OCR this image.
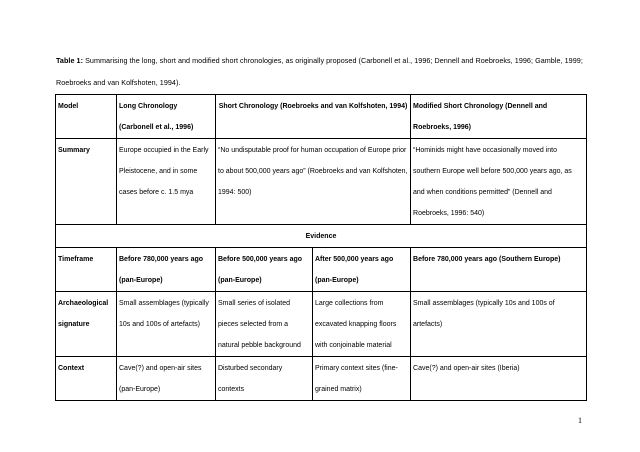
Table 1: Summarising the long, short and modified short chronologies, as originally proposed (Carbonell et al., 1996; Dennell and Roebroeks, 1996; Gamble, 1999; Roebroeks and van Kolfshoten, 1994).
Model	Long Chronology (Carbonell et al., 1996)	Short Chronology (Roebroeks and van Kolfshoten, 1994)		Modified Short Chronology (Dennell and Roebroeks, 1996)
Summary	Europe occupied in the Early Pleistocene, and in some cases before c. 1.5 mya	“No undisputable proof for human occupation of Europe prior to about 500,000 years ago” (Roebroeks and van Kolfshoten, 1994: 500)		“Hominids might have occasionally moved into southern Europe well before 500,000 years ago, as and when conditions permitted” (Dennell and Roebroeks, 1996: 540)
Evidence				
Timeframe	Before 780,000 years ago (pan-Europe)	Before 500,000 years ago (pan-Europe)	After 500,000 years ago (pan-Europe)	Before 780,000 years ago (Southern Europe)
Archaeological signature	Small assemblages (typically 10s and 100s of artefacts)	Small series of isolated pieces selected from a natural pebble background	Large collections from excavated knapping floors with conjoinable material	Small assemblages (typically 10s and 100s of artefacts)
Context	Cave(?) and open-air sites (pan-Europe)	Disturbed secondary contexts	Primary context sites (fine-grained matrix)	Cave(?) and open-air sites (Iberia)
1
